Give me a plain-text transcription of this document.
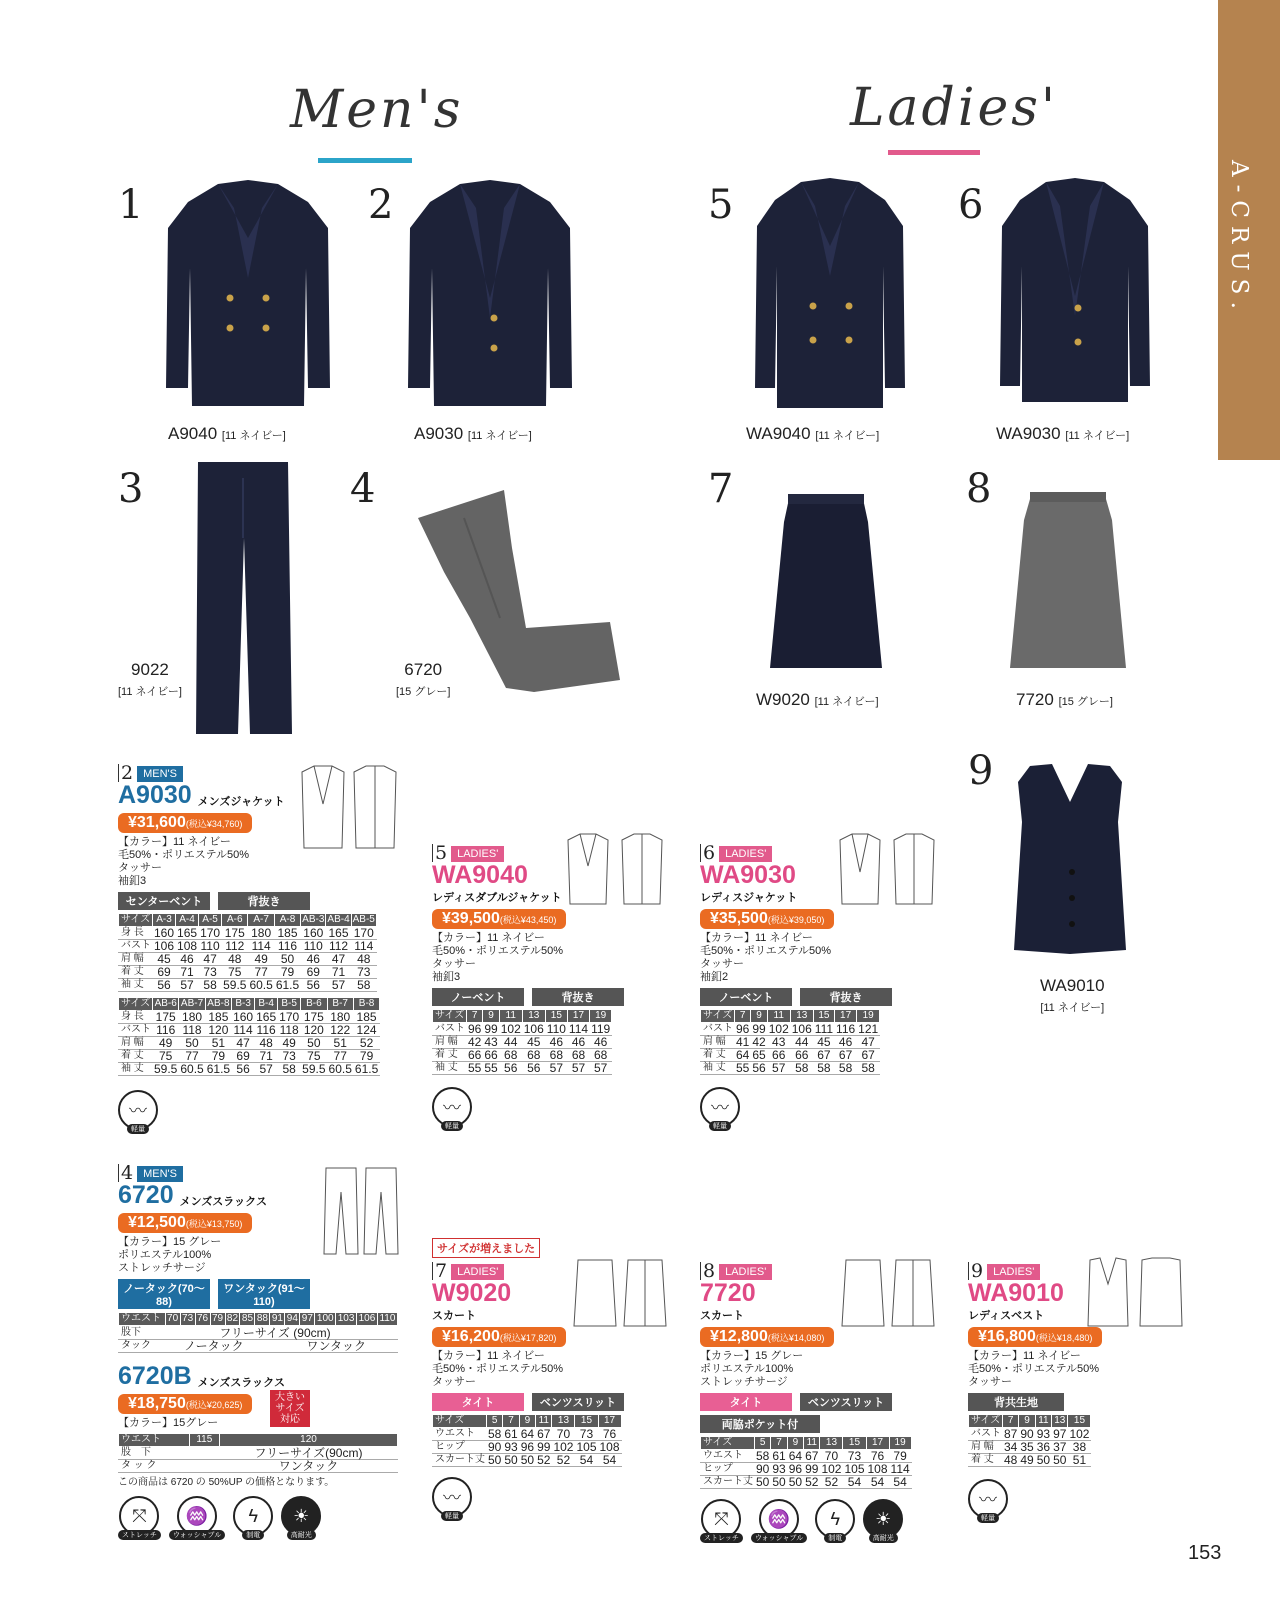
A-CRUS.
Men's	Ladies'
1	2
3	4
5	6
7	8
9
A9040 [11 ネイビー]	A9030 [11 ネイビー]	WA9040 [11 ネイビー]	WA9030 [11 ネイビー]
9022
[11 ネイビー]
6720
[15 グレー]	W9020 [11 ネイビー]	7720 [15 グレー]
WA9010
[11 ネイビー]
2 MEN'S
A9030 メンズジャケット
¥31,600(税込¥34,760)
【カラー】11 ネイビー
毛50%・ポリエステル50%
タッサー
袖釦3
センターベント	背抜き
サイズ	A-3	A-4	A-5	A-6	A-7	A-8	AB-3	AB-4	AB-5
身 長	160	165	170	175	180	185	160	165	170
バスト	106	108	110	112	114	116	110	112	114
肩 幅	45	46	47	48	49	50	46	47	48
着 丈	69	71	73	75	77	79	69	71	73
袖 丈	56	57	58	59.5	60.5	61.5	56	57	58
サイズ	AB-6	AB-7	AB-8	B-3	B-4	B-5	B-6	B-7	B-8
身 長	175	180	185	160	165	170	175	180	185
バスト	116	118	120	114	116	118	120	122	124
肩 幅	49	50	51	47	48	49	50	51	52
着 丈	75	77	79	69	71	73	75	77	79
袖 丈	59.5	60.5	61.5	56	57	58	59.5	60.5	61.5
〰
軽量
5 LADIES'
WA9040
レディスダブルジャケット
¥39,500(税込¥43,450)
【カラー】11 ネイビー
毛50%・ポリエステル50%
タッサー
袖釦3
ノーベント	背抜き
サイズ	7	9	11	13	15	17	19
バスト	96	99	102	106	110	114	119
肩 幅	42	43	44	45	46	46	46
着 丈	66	66	68	68	68	68	68
袖 丈	55	55	56	56	57	57	57
〰
軽量
6 LADIES'
WA9030
レディスジャケット
¥35,500(税込¥39,050)
【カラー】11 ネイビー
毛50%・ポリエステル50%
タッサー
袖釦2
ノーベント	背抜き
サイズ	7	9	11	13	15	17	19
バスト	96	99	102	106	111	116	121
肩 幅	41	42	43	44	45	46	47
着 丈	64	65	66	66	67	67	67
袖 丈	55	56	57	58	58	58	58
〰
軽量
4 MEN'S
6720 メンズスラックス
¥12,500(税込¥13,750)
【カラー】15 グレー
ポリエステル100%
ストレッチサージ
ノータック(70〜88)
ワンタック(91〜110)
ウエスト	70	73	76	79	82	85	88	91	94	97	100	103	106	110
股下	フリーサイズ (90cm)	
タック	ノータック	ワンタック
6720B メンズスラックス
¥18,750(税込¥20,625)
【カラー】15グレー
ウエスト	115	120
股　下		フリーサイズ(90cm)
タ ッ ク		ワンタック
この商品は 6720 の 50%UP の価格となります。
⤧
ストレッチ
♒
ウォッシャブル
ϟ
制電
☀
高耐光
大きいサイズ対応
サイズが増えました
7 LADIES'
W9020
スカート
¥16,200(税込¥17,820)
【カラー】11 ネイビー
毛50%・ポリエステル50%
タッサー
タイト	ベンツスリット
サイズ	5	7	9	11	13	15	17
ウエスト	58	61	64	67	70	73	76
ヒップ	90	93	96	99	102	105	108
スカート丈	50	50	50	52	52	54	54
〰
軽量
8 LADIES'
7720
スカート
¥12,800(税込¥14,080)
【カラー】15 グレー
ポリエステル100%
ストレッチサージ
タイト	ベンツスリット
両脇ポケット付
サイズ	5	7	9	11	13	15	17	19
ウエスト	58	61	64	67	70	73	76	79
ヒップ	90	93	96	99	102	105	108	114
スカート丈	50	50	50	52	52	54	54	54
⤧
ストレッチ
♒
ウォッシャブル
ϟ
制電
☀
高耐光
9 LADIES'
WA9010
レディスベスト
¥16,800(税込¥18,480)
【カラー】11 ネイビー
毛50%・ポリエステル50%
タッサー
背共生地
サイズ	7	9	11	13	15
バスト	87	90	93	97	102
肩 幅	34	35	36	37	38
着 丈	48	49	50	50	51
〰
軽量
153
